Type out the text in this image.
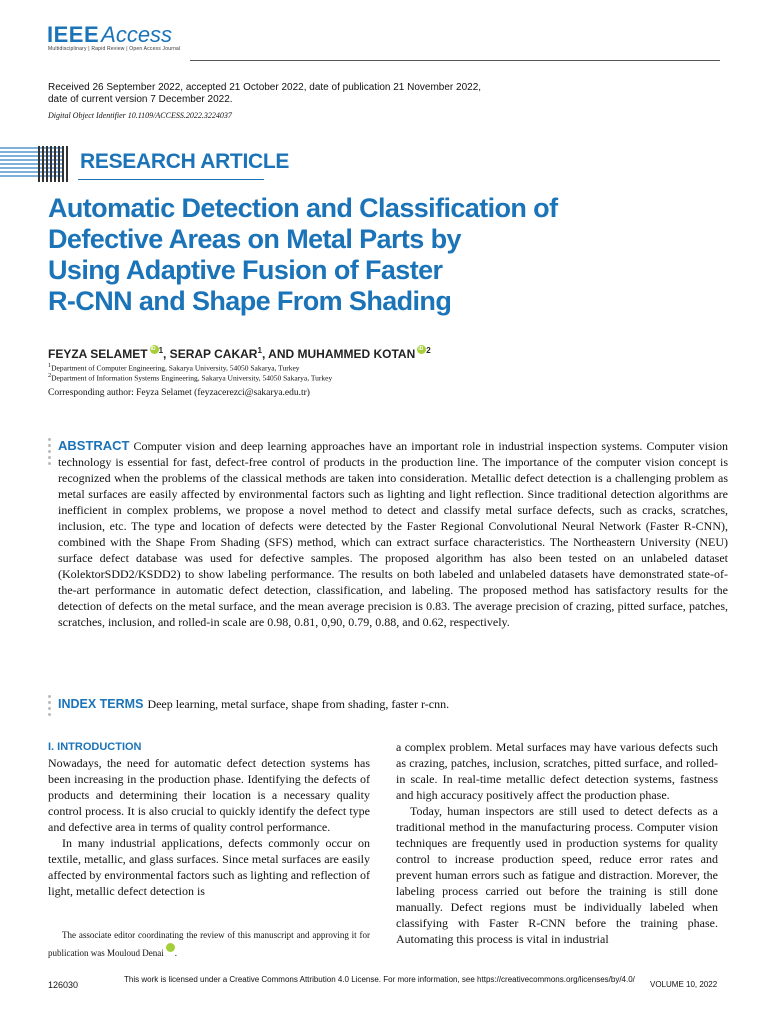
IEEEAccess
Multidisciplinary | Rapid Review | Open Access Journal
Received 26 September 2022, accepted 21 October 2022, date of publication 21 November 2022,
date of current version 7 December 2022.
Digital Object Identifier 10.1109/ACCESS.2022.3224037
RESEARCH ARTICLE
Automatic Detection and Classification of
Defective Areas on Metal Parts by
Using Adaptive Fusion of Faster
R-CNN and Shape From Shading
FEYZA SELAMET iD $^1$, SERAP CAKAR$^1$, AND MUHAMMED KOTAN iD $^2$
$^1$Department of Computer Engineering, Sakarya University, 54050 Sakarya, Turkey
$^2$Department of Information Systems Engineering, Sakarya University, 54050 Sakarya, Turkey
Corresponding author: Feyza Selamet (feyzacerezci@sakarya.edu.tr)
ABSTRACT Computer vision and deep learning approaches have an important role in industrial inspection systems. Computer vision technology is essential for fast, defect-free control of products in the production line. The importance of the computer vision concept is recognized when the problems of the classical methods are taken into consideration. Metallic defect detection is a challenging problem as metal surfaces are easily affected by environmental factors such as lighting and light reflection. Since traditional detection algorithms are inefficient in complex problems, we propose a novel method to detect and classify metal surface defects, such as cracks, scratches, inclusion, etc. The type and location of defects were detected by the Faster Regional Convolutional Neural Network (Faster R-CNN), combined with the Shape From Shading (SFS) method, which can extract surface characteristics. The Northeastern University (NEU) surface defect database was used for defective samples. The proposed algorithm has also been tested on an unlabeled dataset (KolektorSDD2/KSDD2) to show labeling performance. The results on both labeled and unlabeled datasets have demonstrated state-of-the-art performance in automatic defect detection, classification, and labeling. The proposed method has satisfactory results for the detection of defects on the metal surface, and the mean average precision is 0.83. The average precision of crazing, pitted surface, patches, scratches, inclusion, and rolled-in scale are 0.98, 0.81, 0,90, 0.79, 0.88, and 0.62, respectively.
INDEX TERMS Deep learning, metal surface, shape from shading, faster r-cnn.
I. INTRODUCTION

Nowadays, the need for automatic defect detection systems has been increasing in the production phase. Identifying the defects of products and determining their location is a necessary quality control process. It is also crucial to quickly identify the defect type and defective area in terms of quality control performance.

In many industrial applications, defects commonly occur on textile, metallic, and glass surfaces. Since metal surfaces are easily affected by environmental factors such as lighting and reflection of light, metallic defect detection is

a complex problem. Metal surfaces may have various defects such as crazing, patches, inclusion, scratches, pitted surface, and rolled-in scale. In real-time metallic defect detection systems, fastness and high accuracy positively affect the production phase.

Today, human inspectors are still used to detect defects as a traditional method in the manufacturing process. Computer vision techniques are frequently used in production systems for quality control to increase production speed, reduce error rates and prevent human errors such as fatigue and distraction. Morever, the labeling process carried out before the training is still done manually. Defect regions must be individually labeled when classifying with Faster R-CNN before the training phase. Automating this process is vital in industrial

The associate editor coordinating the review of this manuscript and approving it for publication was Mouloud DenaiiD

126030
This work is licensed under a Creative Commons Attribution 4.0 License. For more information, see https://creativecommons.org/licenses/by/4.0/
VOLUME 10, 2022
